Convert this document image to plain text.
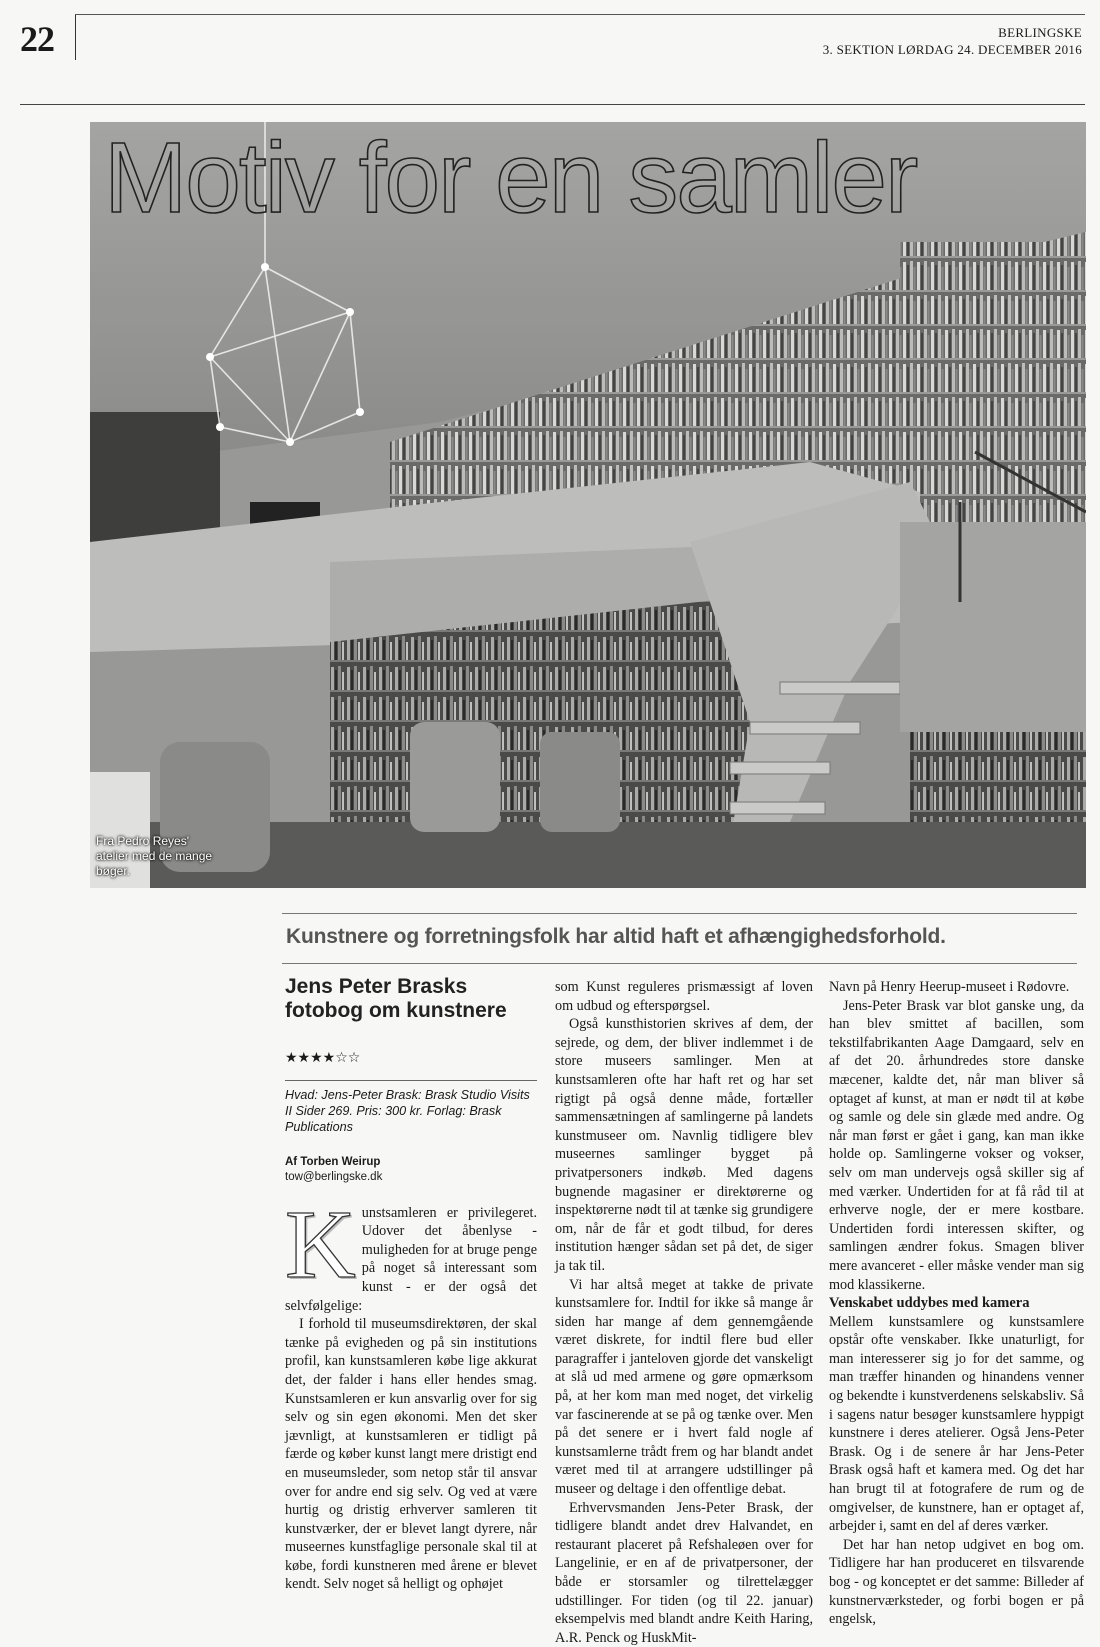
22	BERLINGSKE
3. SEKTION LØRDAG 24. DECEMBER 2016
Motiv for en samler
Fra Pedro Reyes' atelier med de mange bøger.
Kunstnere og forretningsfolk har altid haft et afhængighedsforhold.
Jens Peter Brasks fotobog om kunstnere
★★★★☆☆
Hvad: Jens-Peter Brask: Brask Studio Visits II Sider 269. Pris: 300 kr. Forlag: Brask Publications
Af Torben Weirup
tow@berlingske.dk

Kunstsamleren er privilegeret. Udover det åbenlyse - muligheden for at bruge penge på noget så interessant som kunst - er der også det selvfølgelige:

I forhold til museumsdirektøren, der skal tænke på evigheden og på sin institutions profil, kan kunstsamleren købe lige akkurat det, der falder i hans eller hendes smag. Kunstsamleren er kun ansvarlig over for sig selv og sin egen økonomi. Men det sker jævnligt, at kunstsamleren er tidligt på færde og køber kunst langt mere dristigt end en museumsleder, som netop står til ansvar over for andre end sig selv. Og ved at være hurtig og dristig erhverver samleren tit kunstværker, der er blevet langt dyrere, når museernes kunstfaglige personale skal til at købe, fordi kunstneren med årene er blevet kendt. Selv noget så helligt og ophøjet

som Kunst reguleres prismæssigt af loven om udbud og efterspørgsel.

Også kunsthistorien skrives af dem, der sejrede, og dem, der bliver indlemmet i de store museers samlinger. Men at kunstsamleren ofte har haft ret og har set rigtigt på også denne måde, fortæller sammensætningen af samlingerne på landets kunstmuseer om. Navnlig tidligere blev museernes samlinger bygget på privatpersoners indkøb. Med dagens bugnende magasiner er direktørerne og inspektørerne nødt til at tænke sig grundigere om, når de får et godt tilbud, for deres institution hænger sådan set på det, de siger ja tak til.

Vi har altså meget at takke de private kunstsamlere for. Indtil for ikke så mange år siden har mange af dem gennemgående været diskrete, for indtil flere bud eller paragraffer i janteloven gjorde det vanskeligt at slå ud med armene og gøre opmærksom på, at her kom man med noget, det virkelig var fascinerende at se på og tænke over. Men på det senere er i hvert fald nogle af kunstsamlerne trådt frem og har blandt andet været med til at arrangere udstillinger på museer og deltage i den offentlige debat.

Erhvervsmanden Jens-Peter Brask, der tidligere blandt andet drev Halvandet, en restaurant placeret på Refshaleøen over for Langelinie, er en af de privatpersoner, der både er storsamler og tilrettelægger udstillinger. For tiden (og til 22. januar) eksempelvis med blandt andre Keith Haring, A.R. Penck og HuskMit-

Navn på Henry Heerup-museet i Rødovre.

Jens-Peter Brask var blot ganske ung, da han blev smittet af bacillen, som tekstilfabrikanten Aage Damgaard, selv en af det 20. århundredes store danske mæcener, kaldte det, når man bliver så optaget af kunst, at man er nødt til at købe og samle og dele sin glæde med andre. Og når man først er gået i gang, kan man ikke holde op. Samlingerne vokser og vokser, selv om man undervejs også skiller sig af med værker. Undertiden for at få råd til at erhverve nogle, der er mere kostbare. Undertiden fordi interessen skifter, og samlingen ændrer fokus. Smagen bliver mere avanceret - eller måske vender man sig mod klassikerne.

Venskabet uddybes med kamera

Mellem kunstsamlere og kunstsamlere opstår ofte venskaber. Ikke unaturligt, for man interesserer sig jo for det samme, og man træffer hinanden og hinandens venner og bekendte i kunstverdenens selskabsliv. Så i sagens natur besøger kunstsamlere hyppigt kunstnere i deres atelierer. Også Jens-Peter Brask. Og i de senere år har Jens-Peter Brask også haft et kamera med. Og det har han brugt til at fotografere de rum og de omgivelser, de kunstnere, han er optaget af, arbejder i, samt en del af deres værker.

Det har han netop udgivet en bog om. Tidligere har han produceret en tilsvarende bog - og konceptet er det samme: Billeder af kunstnerværksteder, og forbi bogen er på engelsk,
